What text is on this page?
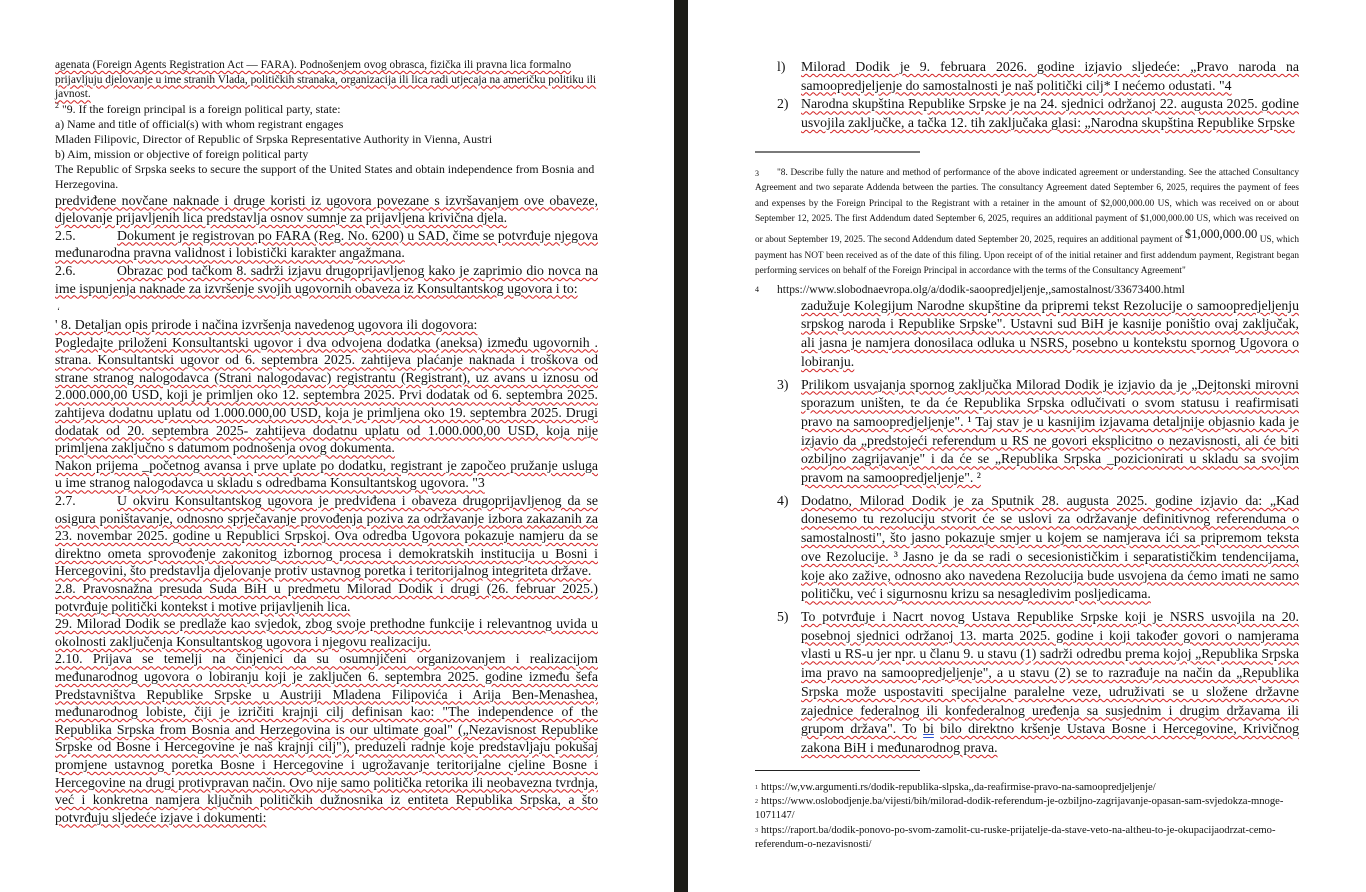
agenata (Foreign Agents Registration Act — FARA). Podnošenjem ovog obrasca, fizička ili pravna lica formalno prijavljuju djelovanje u ime stranih Vlada, političkih stranaka, organizacija ili lica radi utjecaja na američku politiku ili javnost.
$^2$ "9. If the foreign principal is a foreign political party, state:
a) Name and title of official(s) with whom registrant engages
Mladen Filipovic, Director of Republic of Srpska Representative Authority in Vienna, Austri
b) Aim, mission or objective of foreign political party
The Republic of Srpska seeks to secure the support of the United States and obtain independence from Bosnia and Herzegovina.
predviđene novčane naknade i druge koristi iz ugovora povezane s izvršavanjem ove obaveze, djelovanje prijavljenih lica predstavlja osnov sumnje za prijavljena krivična djela.
2.5.	Dokument je registrovan po FARA (Reg. No. 6200) u SAD, čime se potvrđuje njegova međunarodna pravna validnost i lobistički karakter angažmana.
2.6.	Obrazac pod tačkom 8. sadrži izjavu drugoprijavljenog kako je zaprimio dio novca na ime ispunjenja naknade za izvršenje svojih ugovornih obaveza iz Konsultantskog ugovora i to:
‘
' 8. Detaljan opis prirode i načina izvršenja navedenog ugovora ili dogovora:
Pogledajte priloženi Konsultantski ugovor i dva odvojena dodatka (aneksa) između ugovornih . strana. Konsultantski ugovor od 6. septembra 2025. zahtijeva plaćanje naknada i troškova od strane stranog nalogodavca (Strani nalogodavac) registrantu (Registrant), uz avans u iznosu od 2.000.000,00 USD, koji je primljen oko 12. septembra 2025. Prvi dodatak od 6. septembra 2025. zahtijeva dodatnu uplatu od 1.000.000,00 USD, koja je primljena oko 19. septembra 2025. Drugi dodatak od 20. septembra 2025- zahtijeva dodatnu uplatu od 1.000.000,00 USD, koja nije primljena zaključno s datumom podnošenja ovog dokumenta.
Nakon prijema _početnog avansa i prve uplate po dodatku, registrant je započeo pružanje usluga u ime stranog nalogodavca u skladu s odredbama Konsultantskog ugovora. "3
2.7.	U okviru Konsultantskog ugovora je predviđena i obaveza drugoprijavljenog da se osigura poništavanje, odnosno sprječavanje provođenja poziva za održavanje izbora zakazanih za 23. novembar 2025. godine u Republici Srpskoj. Ova odredba Ugovora pokazuje namjeru da se direktno ometa sprovođenje zakonitog izbornog procesa i demokratskih institucija u Bosni i Hercegovini, što predstavlja djelovanje protiv ustavnog poretka i teritorijalnog integriteta države.
2.8. Pravosnažna presuda Suda BiH u predmetu Milorad Dodik i drugi (26. februar 2025.) potvrđuje politički kontekst i motive prijavljenih lica.
29. Milorad Dodik se predlaže kao svjedok, zbog svoje prethodne funkcije i relevantnog uvida u okolnosti zaključenja Konsultantskog ugovora i njegovu realizaciju.
2.10. Prijava se temelji na činjenici da su osumnjičeni organizovanjem i realizacijom međunarodnog ugovora o lobiranju koji je zaključen 6. septembra 2025. godine između šefa Predstavništva Republike Srpske u Austriji Mladena Filipovića i Arija Ben-Menashea, međunarodnog lobiste, čiji je izričiti krajnji cilj definisan kao: "The independence of the Republika Srpska from Bosnia and Herzegovina is our ultimate goal" („Nezavisnost Republike Srpske od Bosne i Hercegovine je naš krajnji cilj"), preduzeli radnje koje predstavljaju pokušaj promjene ustavnog poretka Bosne i Hercegovine i ugrožavanje teritorijalne cjeline Bosne i Hercegovine na drugi protivpravan način. Ovo nije samo politička retorika ili neobavezna tvrdnja, već i konkretna namjera ključnih političkih dužnosnika iz entiteta Republika Srpska, a što potvrđuju sljedeće izjave i dokumenti:
l) Milorad Dodik je 9. februara 2026. godine izjavio sljedeće: „Pravo naroda na samoopredjeljenje do samostalnosti je naš politički cilj* I nećemo odustati. "4
2) Narodna skupština Republike Srpske je na 24. sjednici održanoj 22. augusta 2025. godine usvojila zaključke, a tačka 12. tih zaključaka glasi: „Narodna skupština Republike Srpske
3 "8. Describe fully the nature and method of performance of the above indicated agreement or understanding. See the attached Consultancy Agreement and two separate Addenda between the parties. The consultancy Agreement dated September 6, 2025, requires the payment of fees and expenses by the Foreign Principal to the Registrant with a retainer in the amount of $2,000,000.00 US, which was received on or about September 12, 2025. The first Addendum dated September 6, 2025, requires an additional payment of $1,000,000.00 US, which was received on or about September 19, 2025. The second Addendum dated September 20, 2025, requires an additional payment of $^{\$1,000,000.00}$ US, which payment has NOT been received as of the date of this filing. Upon receipt of of the initial retainer and first addendum payment, Registrant began performing services on behalf of the Foreign Principal in accordance with the terms of the Consultancy Agreement"
4 https://www.slobodnaevropa.olg/a/dodik-saoopredjeljenje,,samostalnost/33673400.html
zadužuje Kolegijum Narodne skupštine da pripremi tekst Rezolucije o samoopredjeljenju srpskog naroda i Republike Srpske". Ustavni sud BiH je kasnije poništio ovaj zaključak, ali jasna je namjera donosilaca odluka u NSRS, posebno u kontekstu spornog Ugovora o lobiranju.
3) Prilikom usvajanja spornog zaključka Milorad Dodik je izjavio da je „Dejtonski mirovni sporazum uništen, te da će Republika Srpska odlučivati o svom statusu i reafirmisati pravo na samoopredjeljenje". ¹ Taj stav je u kasnijim izjavama detaljnije objasnio kada je izjavio da „predstojeći referendum u RS ne govori eksplicitno o nezavisnosti, ali će biti ozbiljno zagrijavanje" i da će se „Republika Srpska _pozicionirati u skladu sa svojim pravom na samoopredjeljenje". ²
4) Dodatno, Milorad Dodik je za Sputnik 28. augusta 2025. godine izjavio da: „Kad donesemo tu rezoluciju stvorit će se uslovi za održavanje definitivnog referenduma o samostalnosti", što jasno pokazuje smjer u kojem se namjerava ići sa pripremom teksta ove Rezolucije. ³ Jasno je da se radi o secesionističkim i separatističkim tendencijama, koje ako zažive, odnosno ako navedena Rezolucija bude usvojena da ćemo imati ne samo političku, već i sigurnosnu krizu sa nesagledivim posljedicama.
5) To potvrđuje i Nacrt novog Ustava Republike Srpske koji je NSRS usvojila na 20. posebnoj sjednici održanoj 13. marta 2025. godine i koji također govori o namjerama vlasti u RS-u jer npr. u članu 9. u stavu (1) sadrži odredbu prema kojoj „Republika Srpska ima pravo na samoopredjeljenje", a u stavu (2) se to razrađuje na način da „Republika Srpska može uspostaviti specijalne paralelne veze, udruživati se u složene državne zajednice federalnog ili konfederalnog uređenja sa susjednim i drugim državama ili grupom država". To bi bilo direktno kršenje Ustava Bosne i Hercegovine, Krivičnog zakona BiH i međunarodnog prava.
$^1$ https://w,vw.argumenti.rs/dodik-republika-slpska,,da-reafirmise-pravo-na-samoopredjeljenje/
$^2$ https://www.oslobodjenje.ba/vijesti/bih/milorad-dodik-referendum-je-ozbiljno-zagrijavanje-opasan-sam-svjedokza-mnoge-1071147/
$^3$ https://raport.ba/dodik-ponovo-po-svom-zamolit-cu-ruske-prijatelje-da-stave-veto-na-altheu-to-je-okupacijaodrzat-cemo-referendum-o-nezavisnosti/
